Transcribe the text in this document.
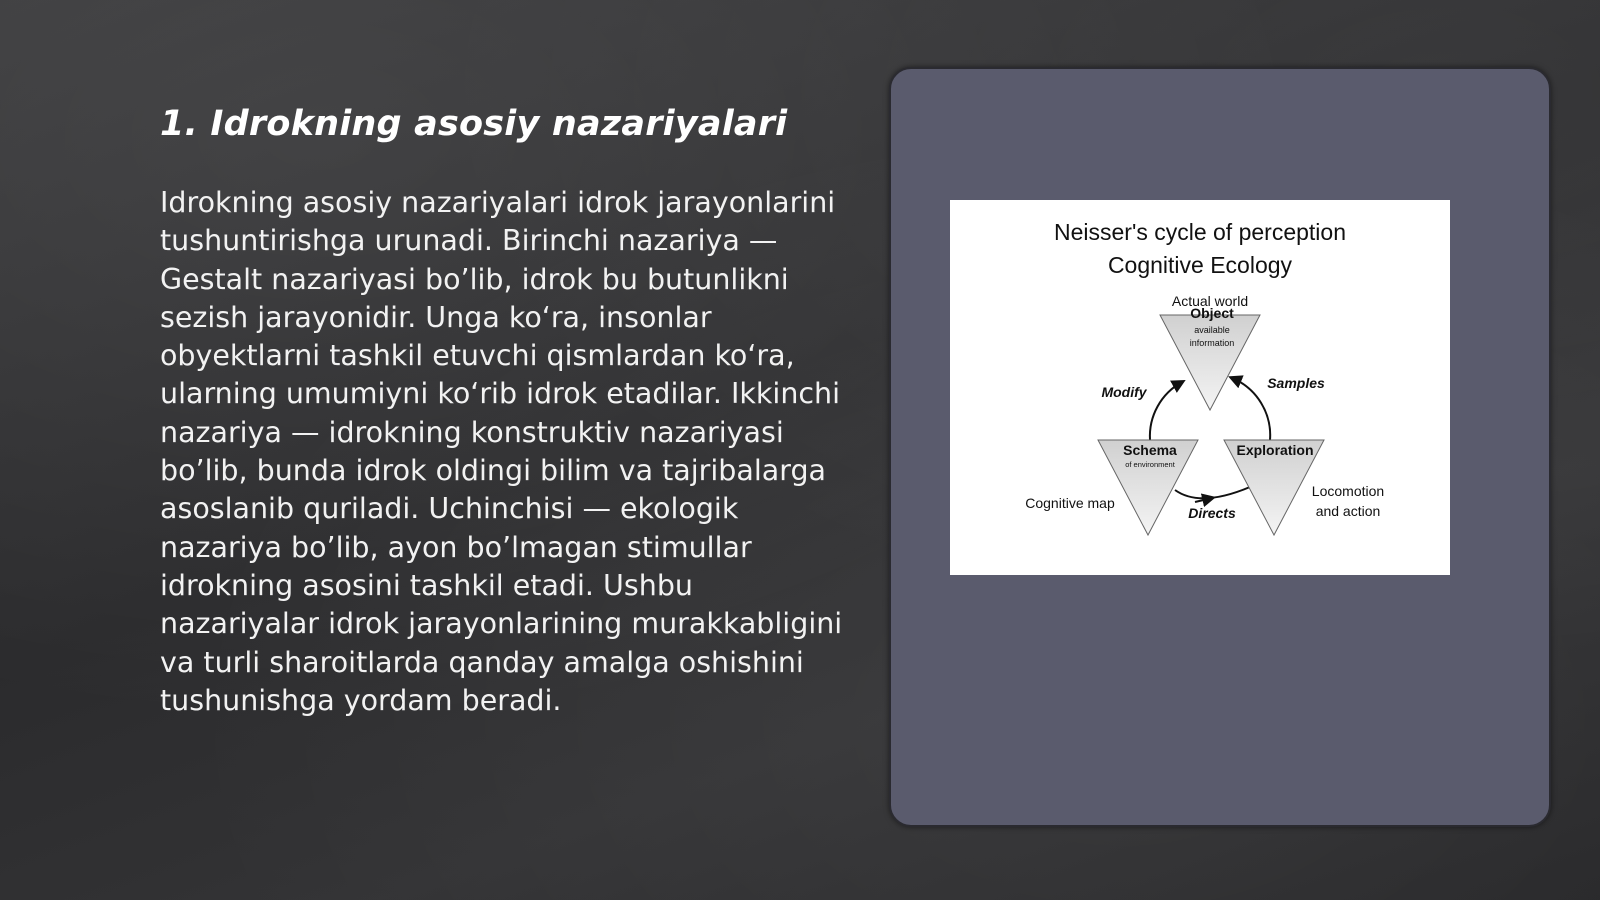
1. Idrokning asosiy nazariyalari

Idrokning asosiy nazariyalari idrok jarayonlarini tushuntirishga urunadi. Birinchi nazariya — Gestalt nazariyasi bo’lib, idrok bu butunlikni sezish jarayonidir. Unga ko‘ra, insonlar obyektlarni tashkil etuvchi qismlardan ko‘ra, ularning umumiyni ko‘rib idrok etadilar. Ikkinchi nazariya — idrokning konstruktiv nazariyasi bo’lib, bunda idrok oldingi bilim va tajribalarga asoslanib quriladi. Uchinchisi — ekologik nazariya bo’lib, ayon bo’lmagan stimullar idrokning asosini tashkil etadi. Ushbu nazariyalar idrok jarayonlarining murakkabligini va turli sharoitlarda qanday amalga oshishini tushunishga yordam beradi.

Neisser's cycle of perception
Cognitive Ecology
Actual world
Object
available
information
Schema
of environment
Exploration
Modify
Samples
Directs
Cognitive map
Locomotion
and action
